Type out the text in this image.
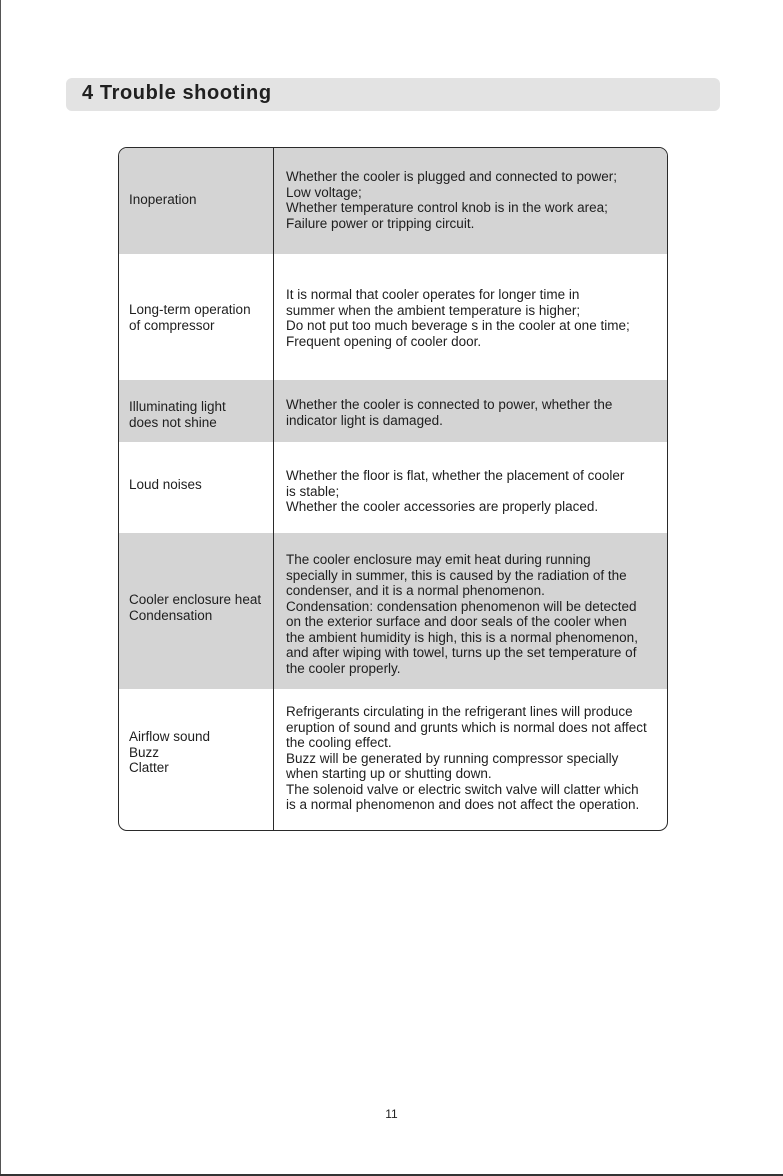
4 Trouble shooting
Inoperation
Whether the cooler is plugged and connected to power;
Low voltage;
Whether temperature control knob is in the work area;
Failure power or tripping circuit.
Long-term operation
of compressor
It is normal that cooler operates for longer time in
summer when the ambient temperature is higher;
Do not put too much beverage s in the cooler at one time;
Frequent opening of cooler door.
Illuminating light
does not shine
Whether the cooler is connected to power, whether the
indicator light is damaged.
Loud noises
Whether the floor is flat, whether the placement of cooler
is stable;
Whether the cooler accessories are properly placed.
Cooler enclosure heat
Condensation
The cooler enclosure may emit heat during running
specially in summer, this is caused by the radiation of the
condenser, and it is a normal phenomenon.
Condensation: condensation phenomenon will be detected
on the exterior surface and door seals of the cooler when
the ambient humidity is high, this is a normal phenomenon,
and after wiping with towel, turns up the set temperature of
the cooler properly.
Airflow sound
Buzz
Clatter
Refrigerants circulating in the refrigerant lines will produce
eruption of sound and grunts which is normal does not affect
the cooling effect.
Buzz will be generated by running compressor specially
when starting up or shutting down.
The solenoid valve or electric switch valve will clatter which
is a normal phenomenon and does not affect the operation.
11
